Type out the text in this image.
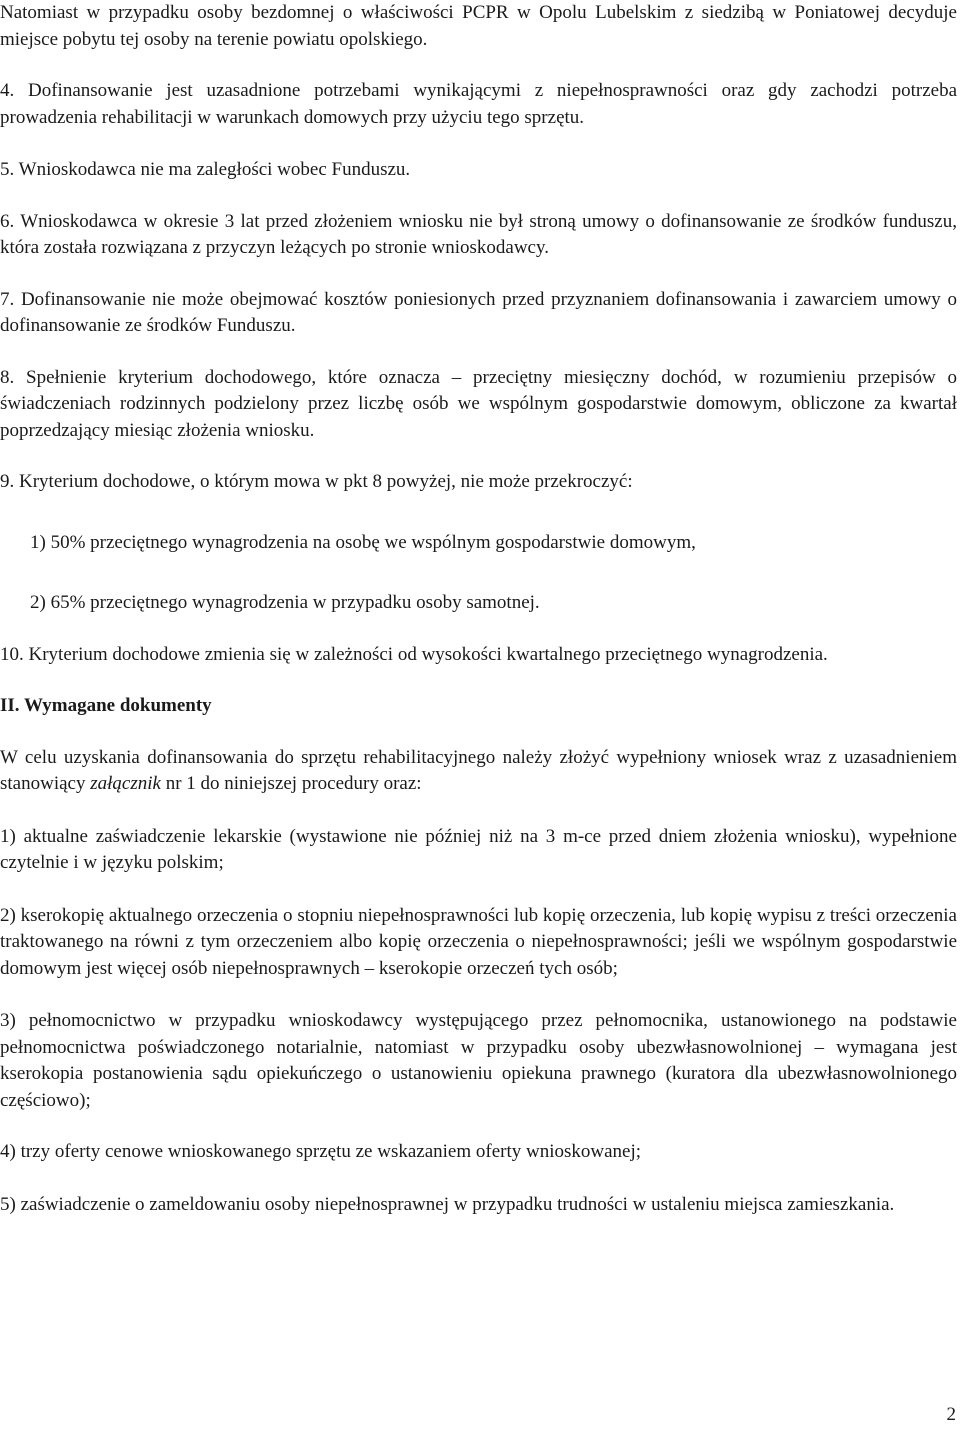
Natomiast w przypadku osoby bezdomnej o właściwości PCPR w Opolu Lubelskim z siedzibą w Poniatowej decyduje miejsce pobytu tej osoby na terenie powiatu opolskiego.

4. Dofinansowanie jest uzasadnione potrzebami wynikającymi z niepełnosprawności oraz gdy zachodzi potrzeba prowadzenia rehabilitacji w warunkach domowych przy użyciu tego sprzętu.

5. Wnioskodawca nie ma zaległości wobec Funduszu.

6. Wnioskodawca w okresie 3 lat przed złożeniem wniosku nie był stroną umowy o dofinansowanie ze środków funduszu, która została rozwiązana z przyczyn leżących po stronie wnioskodawcy.

7. Dofinansowanie nie może obejmować kosztów poniesionych przed przyznaniem dofinansowania i zawarciem umowy o dofinansowanie ze środków Funduszu.

8. Spełnienie kryterium dochodowego, które oznacza – przeciętny miesięczny dochód, w rozumieniu przepisów o świadczeniach rodzinnych podzielony przez liczbę osób we wspólnym gospodarstwie domowym, obliczone za kwartał poprzedzający miesiąc złożenia wniosku.

9. Kryterium dochodowe, o którym mowa w pkt 8 powyżej, nie może przekroczyć:

1) 50% przeciętnego wynagrodzenia na osobę we wspólnym gospodarstwie domowym,

2) 65% przeciętnego wynagrodzenia w przypadku osoby samotnej.

10. Kryterium dochodowe zmienia się w zależności od wysokości kwartalnego przeciętnego wynagrodzenia.

II. Wymagane dokumenty

W celu uzyskania dofinansowania do sprzętu rehabilitacyjnego należy złożyć wypełniony wniosek wraz z uzasadnieniem stanowiący załącznik nr 1 do niniejszej procedury oraz:

1) aktualne zaświadczenie lekarskie (wystawione nie później niż na 3 m-ce przed dniem złożenia wniosku), wypełnione czytelnie i w języku polskim;

2) kserokopię aktualnego orzeczenia o stopniu niepełnosprawności lub kopię orzeczenia, lub kopię wypisu z treści orzeczenia traktowanego na równi z tym orzeczeniem albo kopię orzeczenia o niepełnosprawności; jeśli we wspólnym gospodarstwie domowym jest więcej osób niepełnosprawnych – kserokopie orzeczeń tych osób;

3) pełnomocnictwo w przypadku wnioskodawcy występującego przez pełnomocnika, ustanowionego na podstawie pełnomocnictwa poświadczonego notarialnie, natomiast w przypadku osoby ubezwłasnowolnionej – wymagana jest kserokopia postanowienia sądu opiekuńczego o ustanowieniu opiekuna prawnego (kuratora dla ubezwłasnowolnionego częściowo);

4) trzy oferty cenowe wnioskowanego sprzętu ze wskazaniem oferty wnioskowanej;

5) zaświadczenie o zameldowaniu osoby niepełnosprawnej w przypadku trudności w ustaleniu miejsca zamieszkania.

2
